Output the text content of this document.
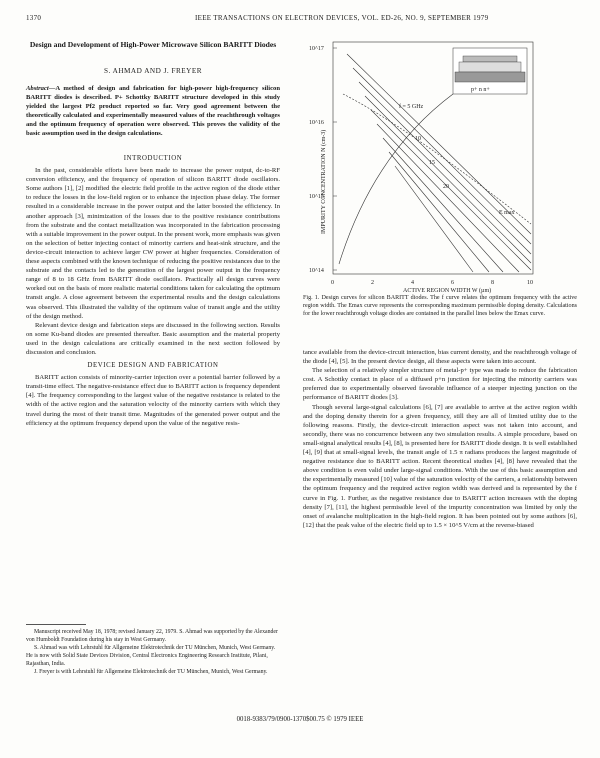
1370	IEEE TRANSACTIONS ON ELECTRON DEVICES, VOL. ED-26, NO. 9, SEPTEMBER 1979
Design and Development of High-Power Microwave Silicon BARITT Diodes
S. AHMAD AND J. FREYER
Abstract—A method of design and fabrication for high-power high-frequency silicon BARITT diodes is described. P+ Schottky BARITT structure developed in this study yielded the largest Pf2 product reported so far. Very good agreement between the theoretically calculated and experimentally measured values of the reachthrough voltages and the optimum frequency of operation were observed. This proves the validity of the basic assumption used in the design calculations.
INTRODUCTION

In the past, considerable efforts have been made to increase the power output, dc-to-RF conversion efficiency, and the frequency of operation of silicon BARITT diode oscillators. Some authors [1], [2] modified the electric field profile in the active region of the diode either to reduce the losses in the low-field region or to enhance the injection phase delay. The former resulted in a considerable increase in the power output and the latter boosted the efficiency. In another approach [3], minimization of the losses due to the positive resistance contributions from the substrate and the contact metallization was incorporated in the fabrication processing with a suitable improvement in the power output. In the present work, more emphasis was given on the selection of better injecting contact of minority carriers and heat-sink structure, and the device-circuit interaction to achieve larger CW power at higher frequencies. Consideration of these aspects combined with the known technique of reducing the positive resistances due to the substrate and the contacts led to the generation of the largest power output in the frequency range of 8 to 18 GHz from BARITT diode oscillators. Practically all design curves were worked out on the basis of more realistic material conditions taken for calculating the optimum transit angle. A close agreement between the experimental results and the design calculations was observed. This illustrated the validity of the optimum value of transit angle and the utility of the design method.

Relevant device design and fabrication steps are discussed in the following section. Results on some Ku-band diodes are presented thereafter. Basic assumption and the material property used in the design calculations are critically examined in the next section followed by discussion and conclusion.

DEVICE DESIGN AND FABRICATION

BARITT action consists of minority-carrier injection over a potential barrier followed by a transit-time effect. The negative-resistance effect due to BARITT action is frequency dependent [4]. The frequency corresponding to the largest value of the negative resistance is related to the width of the active region and the saturation velocity of the minority carriers with which they travel during the most of their transit time. Magnitudes of the generated power output and the efficiency at the optimum frequency depend upon the value of the negative resis-

Manuscript received May 18, 1978; revised January 22, 1979. S. Ahmad was supported by the Alexander von Humboldt Foundation during his stay in West Germany.

S. Ahmad was with Lehrstuhl für Allgemeine Elektrotechnik der TU München, Munich, West Germany. He is now with Solid State Devices Division, Central Electronics Engineering Research Institute, Pilani, Rajasthan, India.

J. Freyer is with Lehrstuhl für Allgemeine Elektrotechnik der TU München, Munich, West Germany.

10^17
10^16
10^15
10^14
IMPURITY CONCENTRATION N (cm-3)
0	2	4	6	8	10
ACTIVE REGION WIDTH W (µm)
f = 5 GHz
10
15
20
E max
p+ n n+
Fig. 1. Design curves for silicon BARITT diodes. The f curve relates the optimum frequency with the active region width. The Emax curve represents the corresponding maximum permissible doping density. Calculations for the lower reachthrough voltage diodes are contained in the parallel lines below the Emax curve.

tance available from the device-circuit interaction, bias current density, and the reachthrough voltage of the diode [4], [5]. In the present device design, all these aspects were taken into account.

The selection of a relatively simpler structure of metal-p+ type was made to reduce the fabrication cost. A Schottky contact in place of a diffused p+n junction for injecting the minority carriers was preferred due to experimentally observed favorable influence of a steeper injecting junction on the performance of BARITT diodes [3].

Though several large-signal calculations [6], [7] are available to arrive at the active region width and the doping density therein for a given frequency, still they are all of limited utility due to the following reasons. Firstly, the device-circuit interaction aspect was not taken into account, and secondly, there was no concurrence between any two simulation results. A simple procedure, based on small-signal analytical results [4], [8], is presented here for BARITT diode design. It is well established [4], [9] that at small-signal levels, the transit angle of 1.5 π radians produces the largest magnitude of negative resistance due to BARITT action. Recent theoretical studies [4], [8] have revealed that the above condition is even valid under large-signal conditions. With the use of this basic assumption and the experimentally measured [10] value of the saturation velocity of the carriers, a relationship between the optimum frequency and the required active region width was derived and is represented by the f curve in Fig. 1. Further, as the negative resistance due to BARITT action increases with the doping density [7], [11], the highest permissible level of the impurity concentration was limited by only the onset of avalanche multiplication in the high-field region. It has been pointed out by some authors [6], [12] that the peak value of the electric field up to 1.5 × 10^5 V/cm at the reverse-biased

0018-9383/79/0900-1370$00.75 © 1979 IEEE
